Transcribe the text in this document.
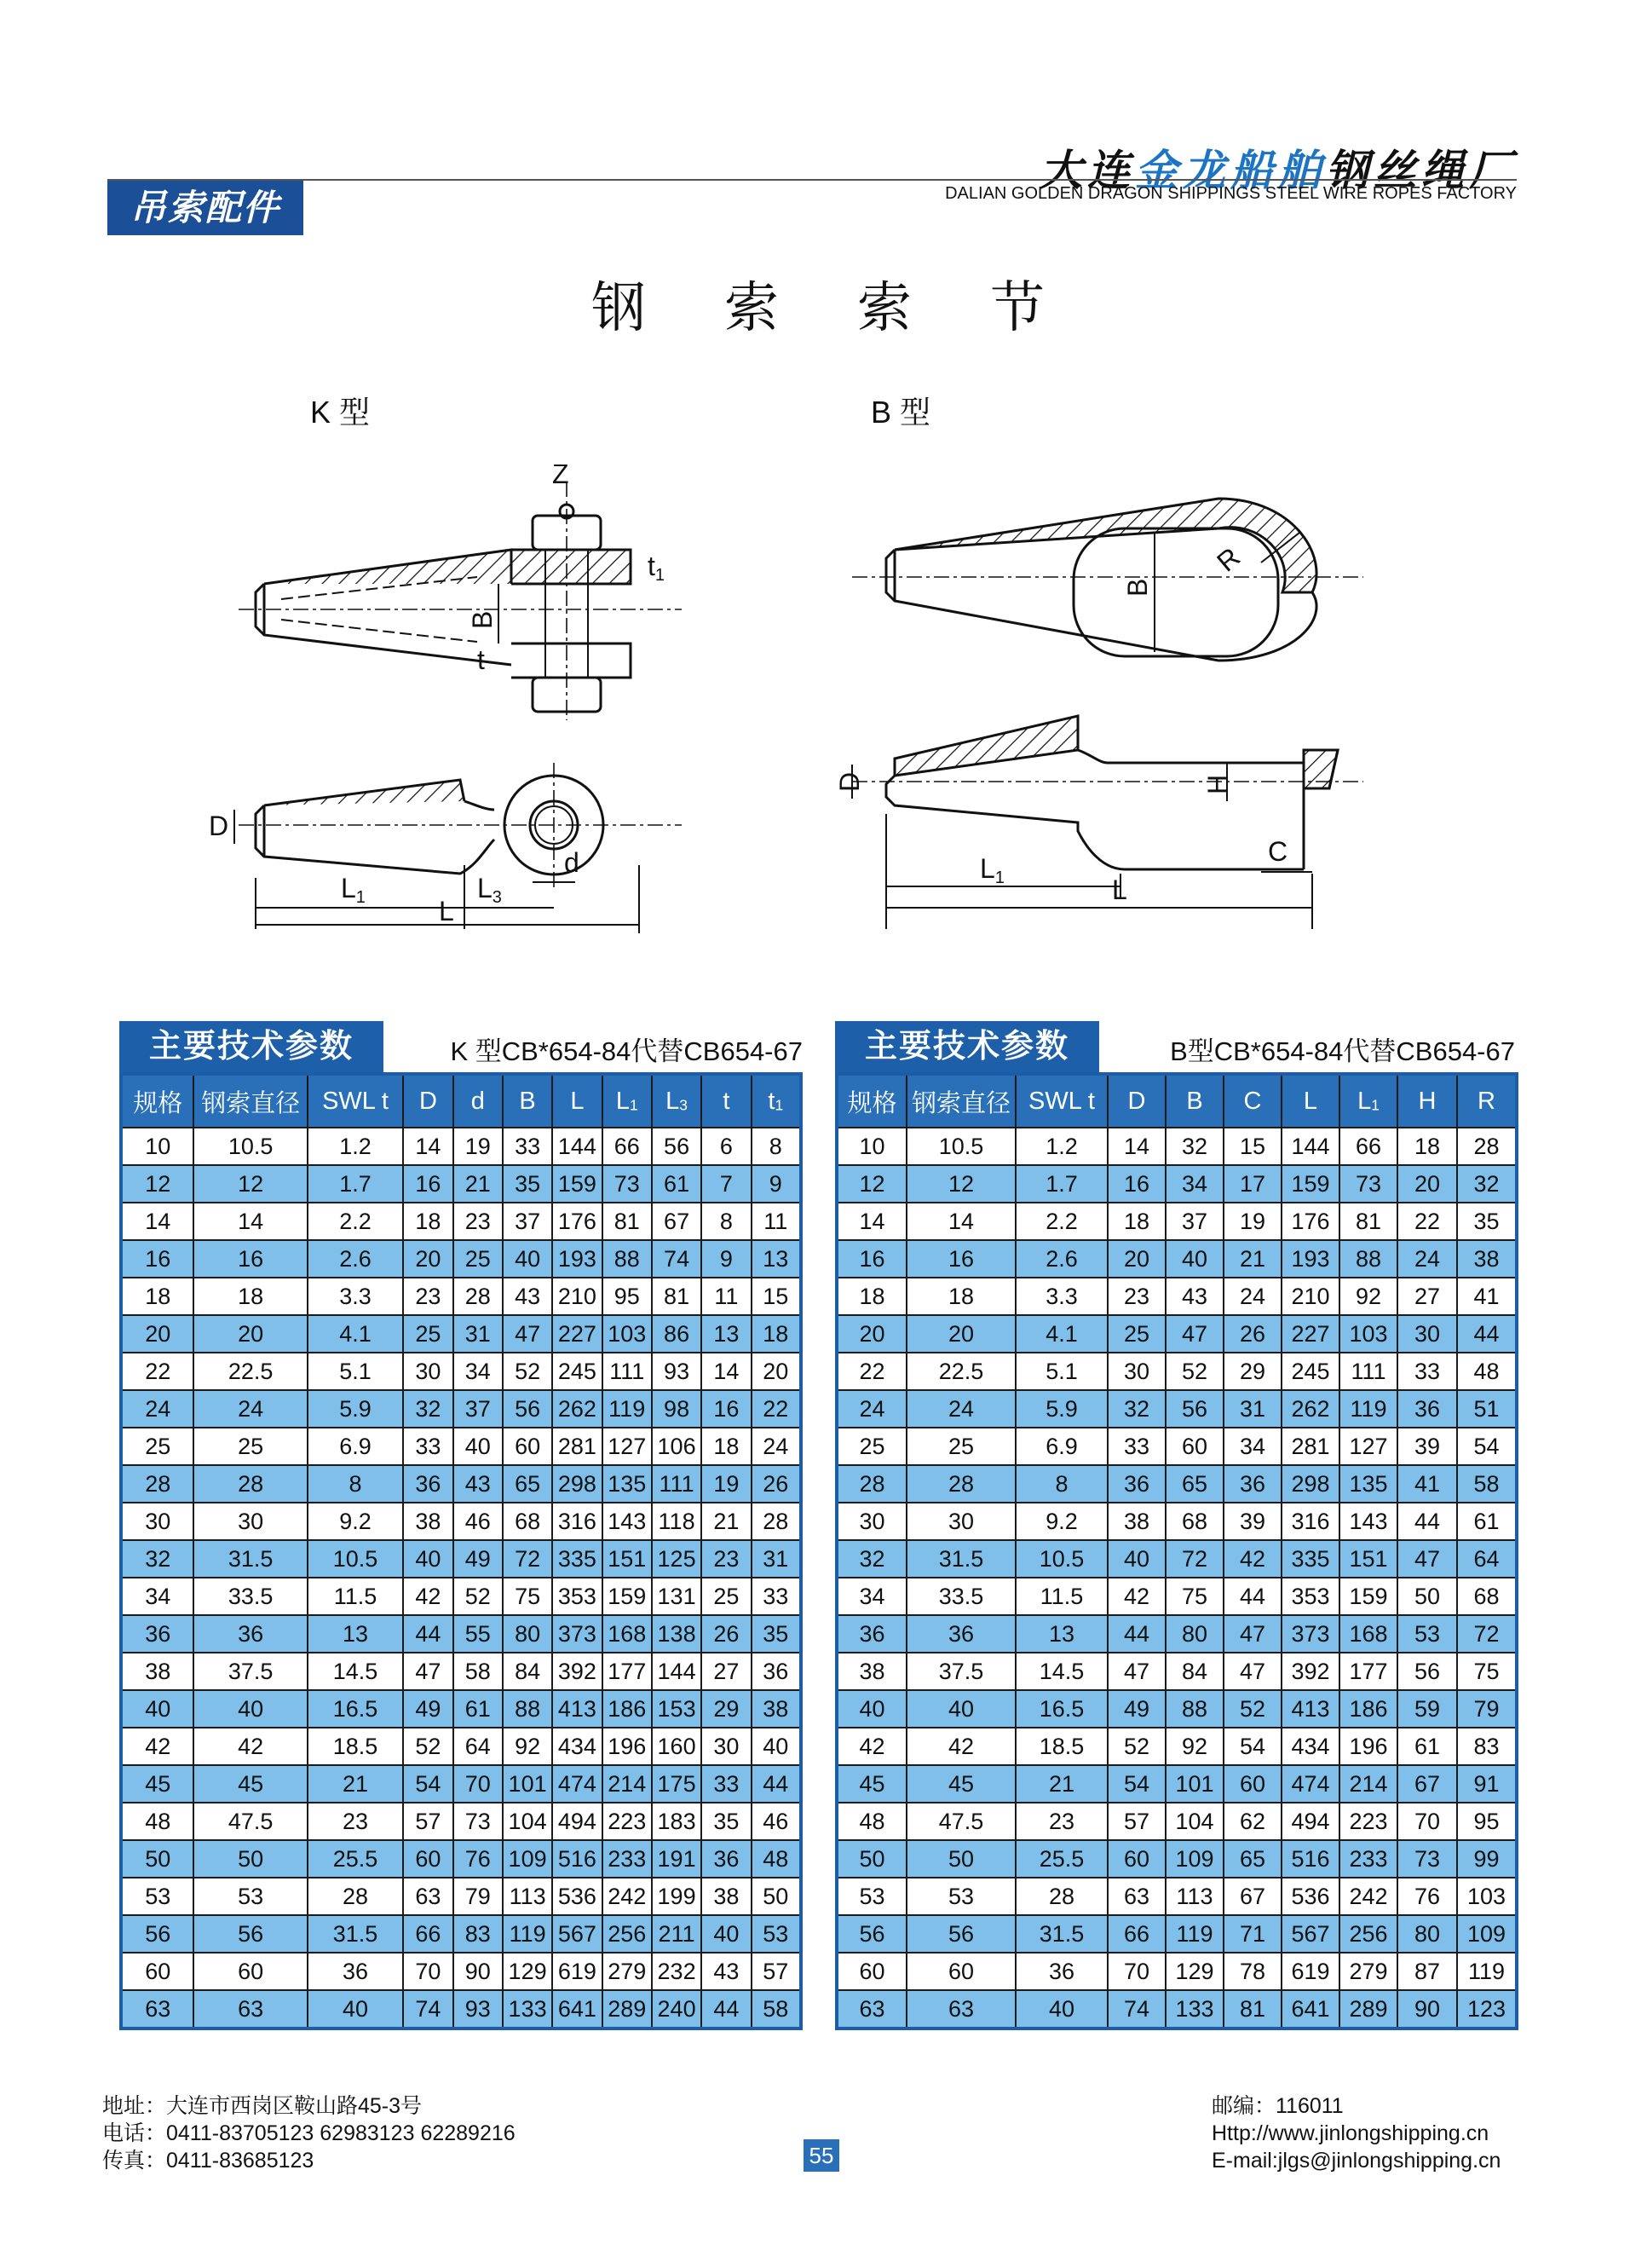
大连金龙船舶钢丝绳厂
DALIAN GOLDEN DRAGON SHIPPINGS STEEL WIRE ROPES FACTORY
吊索配件
钢索索节
K 型	B 型
Z
B
t
t1
D
L1	L3
L
d
B
R
D	H
L1	L
C
主要技术参数	K 型CB*654-84代替CB654-67
规格	钢索直径	SWL t	D	d	B	L	$L_1$	$L_3$	t	$t_1$
10	10.5	1.2	14	19	33	144	66	56	6	8
12	12	1.7	16	21	35	159	73	61	7	9
14	14	2.2	18	23	37	176	81	67	8	11
16	16	2.6	20	25	40	193	88	74	9	13
18	18	3.3	23	28	43	210	95	81	11	15
20	20	4.1	25	31	47	227	103	86	13	18
22	22.5	5.1	30	34	52	245	111	93	14	20
24	24	5.9	32	37	56	262	119	98	16	22
25	25	6.9	33	40	60	281	127	106	18	24
28	28	8	36	43	65	298	135	111	19	26
30	30	9.2	38	46	68	316	143	118	21	28
32	31.5	10.5	40	49	72	335	151	125	23	31
34	33.5	11.5	42	52	75	353	159	131	25	33
36	36	13	44	55	80	373	168	138	26	35
38	37.5	14.5	47	58	84	392	177	144	27	36
40	40	16.5	49	61	88	413	186	153	29	38
42	42	18.5	52	64	92	434	196	160	30	40
45	45	21	54	70	101	474	214	175	33	44
48	47.5	23	57	73	104	494	223	183	35	46
50	50	25.5	60	76	109	516	233	191	36	48
53	53	28	63	79	113	536	242	199	38	50
56	56	31.5	66	83	119	567	256	211	40	53
60	60	36	70	90	129	619	279	232	43	57
63	63	40	74	93	133	641	289	240	44	58
主要技术参数	B型CB*654-84代替CB654-67
规格	钢索直径	SWL t	D	B	C	L	$L_1$	H	R
10	10.5	1.2	14	32	15	144	66	18	28
12	12	1.7	16	34	17	159	73	20	32
14	14	2.2	18	37	19	176	81	22	35
16	16	2.6	20	40	21	193	88	24	38
18	18	3.3	23	43	24	210	92	27	41
20	20	4.1	25	47	26	227	103	30	44
22	22.5	5.1	30	52	29	245	111	33	48
24	24	5.9	32	56	31	262	119	36	51
25	25	6.9	33	60	34	281	127	39	54
28	28	8	36	65	36	298	135	41	58
30	30	9.2	38	68	39	316	143	44	61
32	31.5	10.5	40	72	42	335	151	47	64
34	33.5	11.5	42	75	44	353	159	50	68
36	36	13	44	80	47	373	168	53	72
38	37.5	14.5	47	84	47	392	177	56	75
40	40	16.5	49	88	52	413	186	59	79
42	42	18.5	52	92	54	434	196	61	83
45	45	21	54	101	60	474	214	67	91
48	47.5	23	57	104	62	494	223	70	95
50	50	25.5	60	109	65	516	233	73	99
53	53	28	63	113	67	536	242	76	103
56	56	31.5	66	119	71	567	256	80	109
60	60	36	70	129	78	619	279	87	119
63	63	40	74	133	81	641	289	90	123
地址：大连市西岗区鞍山路45-3号
电话：0411-83705123 62983123 62289216
传真：0411-83685123	55
邮编：116011
Http://www.jinlongshipping.cn
E-mail:jlgs@jinlongshipping.cn
